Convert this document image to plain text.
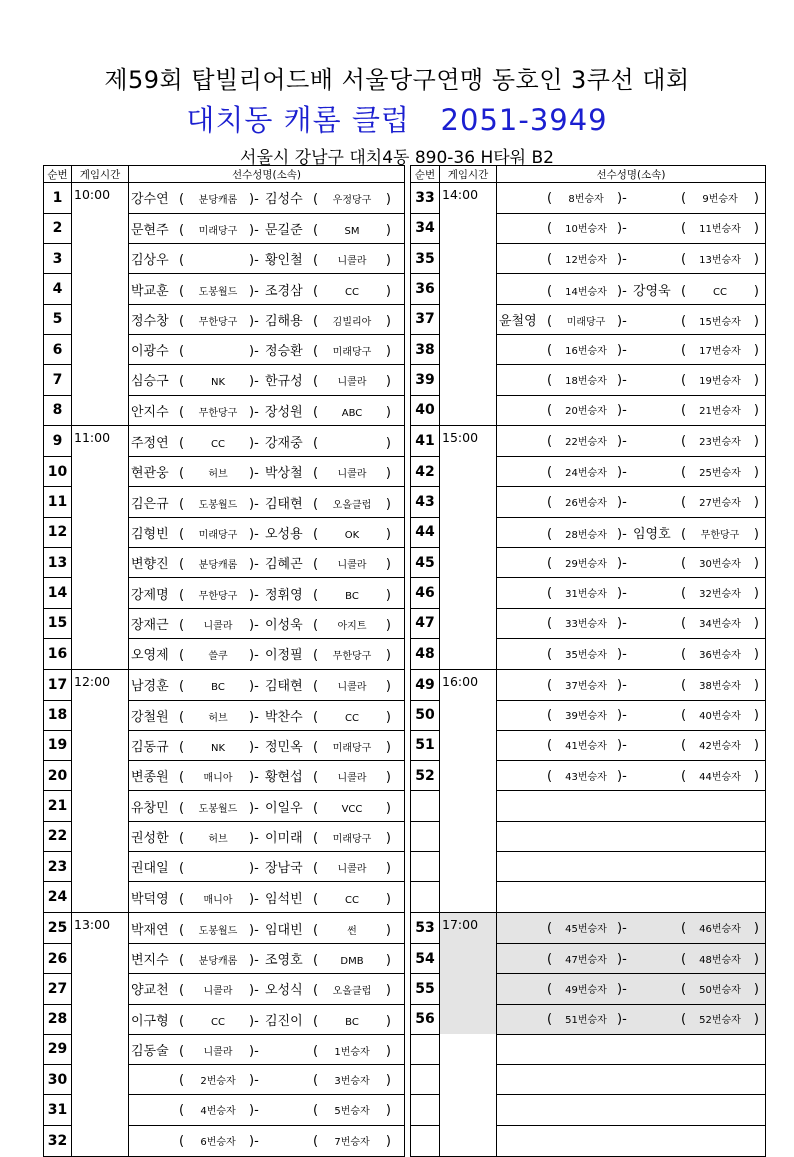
제59회 탑빌리어드배 서울당구연맹 동호인 3쿠선 대회
대치동 캐롬 클럽   2051-3949
서울시 강남구 대치4동 890-36 H타워 B2
순번	게임시간	선수성명(소속)
1	10:00	강수연 ( 분당캐롬 )- 김성수 ( 우정당구 )
2		문현주 ( 미래당구 )- 문길준 ( SM )
3		김상우 ( )- 황인철 ( 니콜라 )
4		박교훈 ( 도봉월드 )- 조경삼 ( CC )
5		정수창 ( 무한당구 )- 김해용 ( 김빌리아 )
6		이광수 ( )- 정승환 ( 미래당구 )
7		심승구 ( NK )- 한규성 ( 니콜라 )
8		안지수 ( 무한당구 )- 장성원 ( ABC )
9	11:00	주정연 ( CC )- 강재중 ( )
10		현관웅 ( 허브 )- 박상철 ( 니콜라 )
11		김은규 ( 도봉월드 )- 김태현 ( 오올클럽 )
12		김형빈 ( 미래당구 )- 오성용 ( OK )
13		변향진 ( 분당캐롬 )- 김혜곤 ( 니콜라 )
14		강제명 ( 무한당구 )- 정휘영 ( BC )
15		장재근 ( 니콜라 )- 이성욱 ( 아지트 )
16		오영제 ( 쓸쿠 )- 이정필 ( 무한당구 )
17	12:00	남경훈 ( BC )- 김태현 ( 니콜라 )
18		강철원 ( 허브 )- 박찬수 ( CC )
19		김동규 ( NK )- 정민옥 ( 미래당구 )
20		변종원 ( 매니아 )- 황현섭 ( 니콜라 )
21		유창민 ( 도봉월드 )- 이일우 ( VCC )
22		권성한 ( 허브 )- 이미래 ( 미래당구 )
23		권대일 ( )- 장남국 ( 니콜라 )
24		박덕영 ( 매니아 )- 임석빈 ( CC )
25	13:00	박재연 ( 도봉월드 )- 임대빈 ( 썬 )
26		변지수 ( 분당캐롬 )- 조영호 ( DMB )
27		양교천 ( 니콜라 )- 오성식 ( 오올클럽 )
28		이구형 ( CC )- 김진이 ( BC )
29		김동술 ( 니콜라 )- ( 1번승자 )
30		( 2번승자 )- ( 3번승자 )
31		( 4번승자 )- ( 5번승자 )
32		( 6번승자 )- ( 7번승자 )
순번	게임시간	선수성명(소속)
33	14:00	( 8번승자 )- ( 9번승자 )
34		( 10번승자 )- ( 11번승자 )
35		( 12번승자 )- ( 13번승자 )
36		( 14번승자 )- 강영욱 ( CC )
37		윤철영 ( 미래당구 )- ( 15번승자 )
38		( 16번승자 )- ( 17번승자 )
39		( 18번승자 )- ( 19번승자 )
40		( 20번승자 )- ( 21번승자 )
41	15:00	( 22번승자 )- ( 23번승자 )
42		( 24번승자 )- ( 25번승자 )
43		( 26번승자 )- ( 27번승자 )
44		( 28번승자 )- 임영호 ( 무한당구 )
45		( 29번승자 )- ( 30번승자 )
46		( 31번승자 )- ( 32번승자 )
47		( 33번승자 )- ( 34번승자 )
48		( 35번승자 )- ( 36번승자 )
49	16:00	( 37번승자 )- ( 38번승자 )
50		( 39번승자 )- ( 40번승자 )
51		( 41번승자 )- ( 42번승자 )
52		( 43번승자 )- ( 44번승자 )

53	17:00	( 45번승자 )- ( 46번승자 )
54		( 47번승자 )- ( 48번승자 )
55		( 49번승자 )- ( 50번승자 )
56		( 51번승자 )- ( 52번승자 )
